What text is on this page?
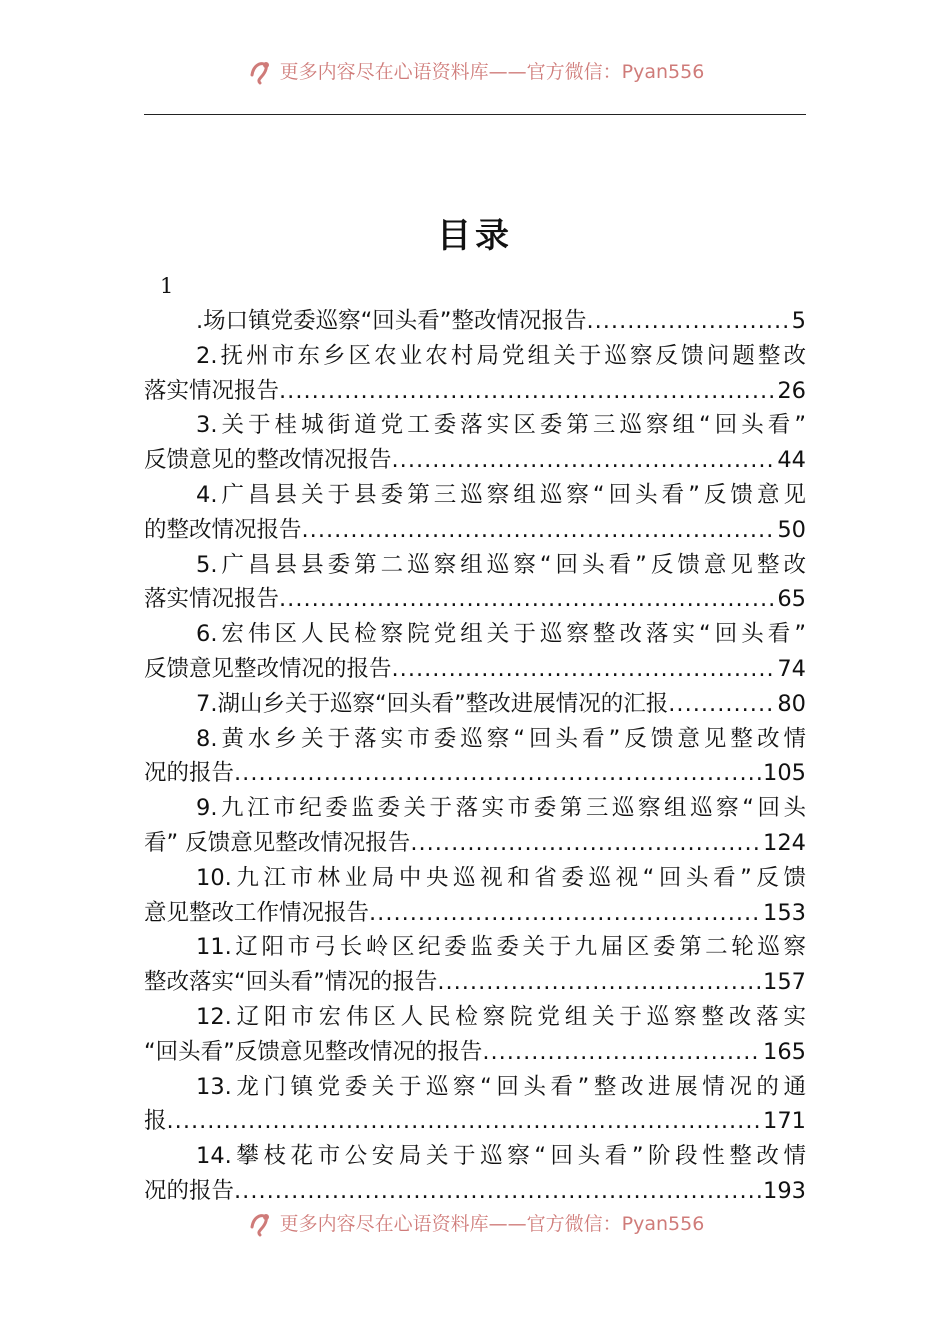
更多内容尽在心语资料库——官方微信：Pyan556
目录
1
.场口镇党委巡察“回头看”整改情况报告 .....	5
2.抚州市东乡区农业农村局党组关于巡察反馈问题整改
落实情况报告 .....	26
3.关于桂城街道党工委落实区委第三巡察组“回头看”
反馈意见的整改情况报告 .....	44
4.广昌县关于县委第三巡察组巡察“回头看”反馈意见
的整改情况报告 .....	50
5.广昌县县委第二巡察组巡察“回头看”反馈意见整改
落实情况报告 .....	65
6.宏伟区人民检察院党组关于巡察整改落实“回头看”
反馈意见整改情况的报告 .....	74
7.湖山乡关于巡察“回头看”整改进展情况的汇报 .....	80
8.黄水乡关于落实市委巡察“回头看”反馈意见整改情
况的报告 .....	105
9.九江市纪委监委关于落实市委第三巡察组巡察“回头
看” 反馈意见整改情况报告 .....	124
10.九江市林业局中央巡视和省委巡视“回头看”反馈
意见整改工作情况报告 .....	153
11.辽阳市弓长岭区纪委监委关于九届区委第二轮巡察
整改落实“回头看”情况的报告 .....	157
12.辽阳市宏伟区人民检察院党组关于巡察整改落实
“回头看”反馈意见整改情况的报告 .....	165
13.龙门镇党委关于巡察“回头看”整改进展情况的通
报 .....	171
14.攀枝花市公安局关于巡察“回头看”阶段性整改情
况的报告 .....	193
更多内容尽在心语资料库——官方微信：Pyan556
